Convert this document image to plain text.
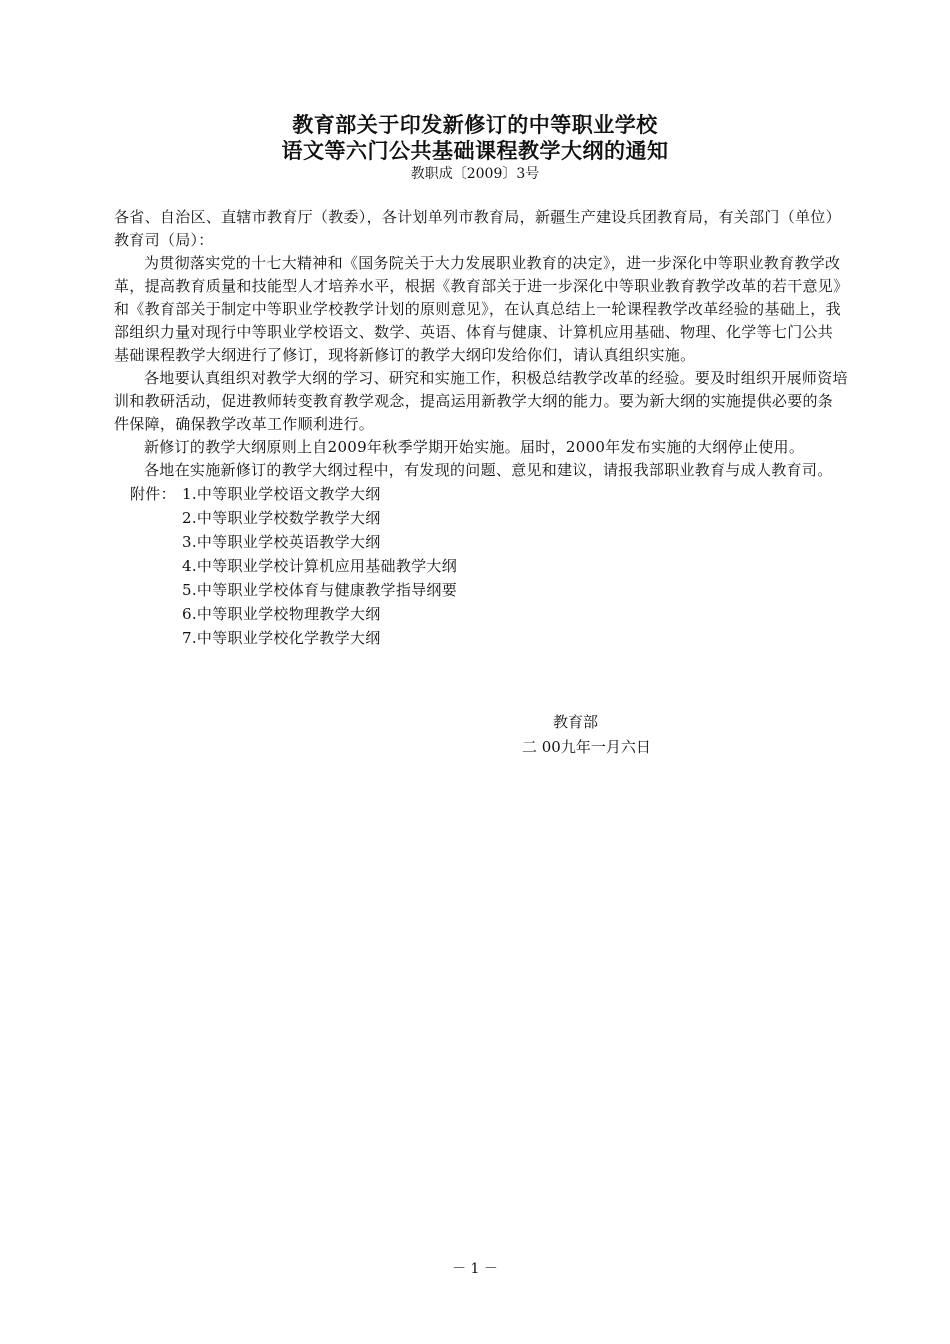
教育部关于印发新修订的中等职业学校
语文等六门公共基础课程教学大纲的通知
教职成〔2009〕3号

各省、自治区、直辖市教育厅（教委），各计划单列市教育局，新疆生产建设兵团教育局，有关部门（单位）教育司（局）：

为贯彻落实党的十七大精神和《国务院关于大力发展职业教育的决定》，进一步深化中等职业教育教学改革，提高教育质量和技能型人才培养水平，根据《教育部关于进一步深化中等职业教育教学改革的若干意见》和《教育部关于制定中等职业学校教学计划的原则意见》，在认真总结上一轮课程教学改革经验的基础上，我部组织力量对现行中等职业学校语文、数学、英语、体育与健康、计算机应用基础、物理、化学等七门公共基础课程教学大纲进行了修订，现将新修订的教学大纲印发给你们，请认真组织实施。

各地要认真组织对教学大纲的学习、研究和实施工作，积极总结教学改革的经验。要及时组织开展师资培训和教研活动，促进教师转变教育教学观念，提高运用新教学大纲的能力。要为新大纲的实施提供必要的条件保障，确保教学改革工作顺利进行。

新修订的教学大纲原则上自2009年秋季学期开始实施。届时，2000年发布实施的大纲停止使用。

各地在实施新修订的教学大纲过程中，有发现的问题、意见和建议，请报我部职业教育与成人教育司。

附件： 1.中等职业学校语文教学大纲
2.中等职业学校数学教学大纲
3.中等职业学校英语教学大纲
4.中等职业学校计算机应用基础教学大纲
5.中等职业学校体育与健康教学指导纲要
6.中等职业学校物理教学大纲
7.中等职业学校化学教学大纲
教育部
二 00九年一月六日
－ 1 －
